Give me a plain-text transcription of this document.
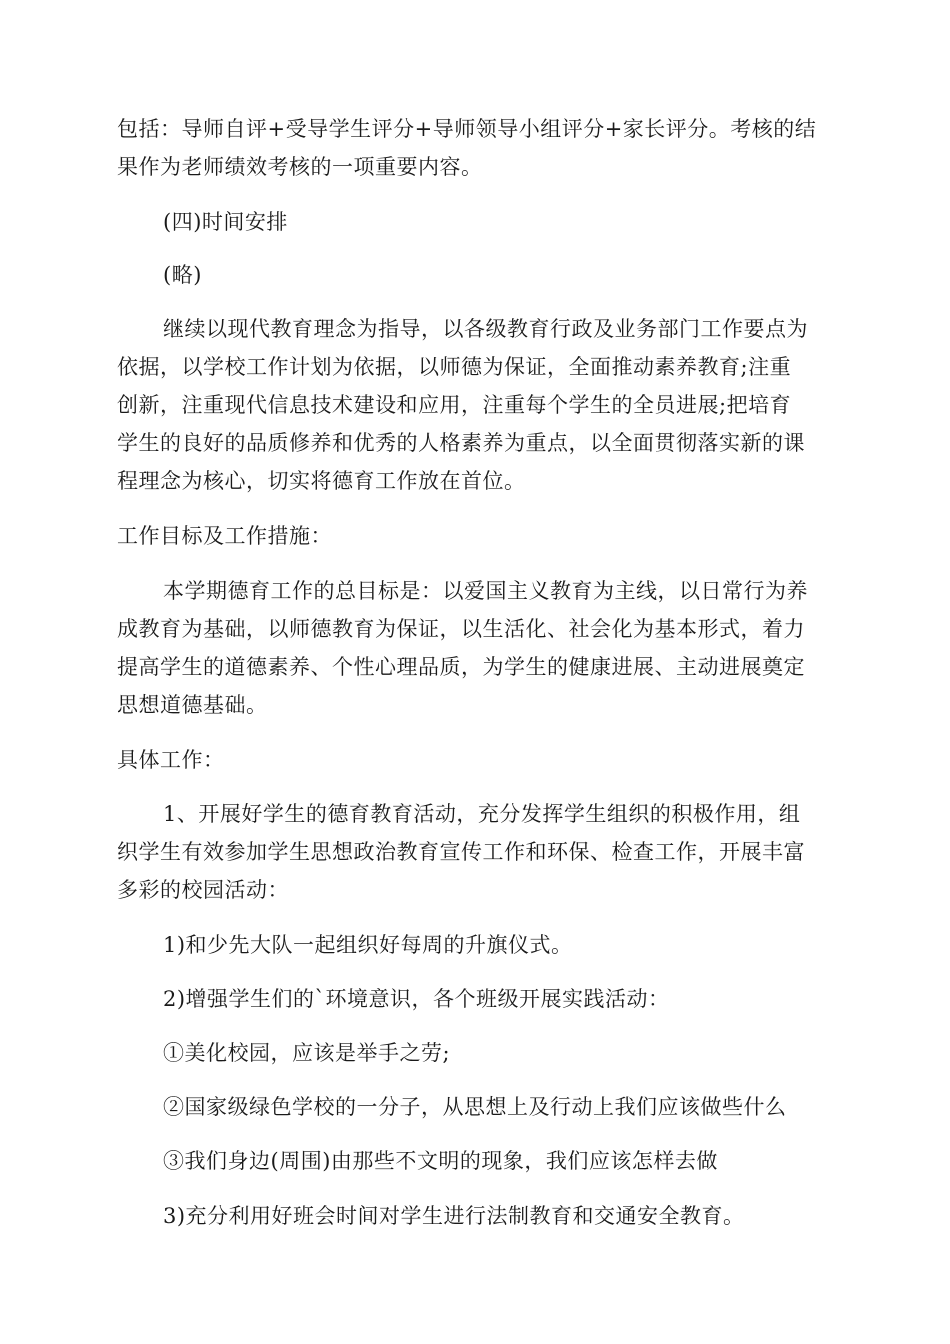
包括：导师自评+受导学生评分+导师领导小组评分+家长评分。考核的结
果作为老师绩效考核的一项重要内容。

(四)时间安排

(略)

继续以现代教育理念为指导，以各级教育行政及业务部门工作要点为
依据，以学校工作计划为依据，以师德为保证，全面推动素养教育;注重
创新，注重现代信息技术建设和应用，注重每个学生的全员进展;把培育
学生的良好的品质修养和优秀的人格素养为重点，以全面贯彻落实新的课
程理念为核心，切实将德育工作放在首位。

工作目标及工作措施：

本学期德育工作的总目标是：以爱国主义教育为主线，以日常行为养
成教育为基础，以师德教育为保证，以生活化、社会化为基本形式，着力
提高学生的道德素养、个性心理品质，为学生的健康进展、主动进展奠定
思想道德基础。

具体工作：

1、开展好学生的德育教育活动，充分发挥学生组织的积极作用，组
织学生有效参加学生思想政治教育宣传工作和环保、检查工作，开展丰富
多彩的校园活动：

1)和少先大队一起组织好每周的升旗仪式。

2)增强学生们的`环境意识，各个班级开展实践活动：

①美化校园，应该是举手之劳;

②国家级绿色学校的一分子，从思想上及行动上我们应该做些什么

③我们身边(周围)由那些不文明的现象，我们应该怎样去做

3)充分利用好班会时间对学生进行法制教育和交通安全教育。
